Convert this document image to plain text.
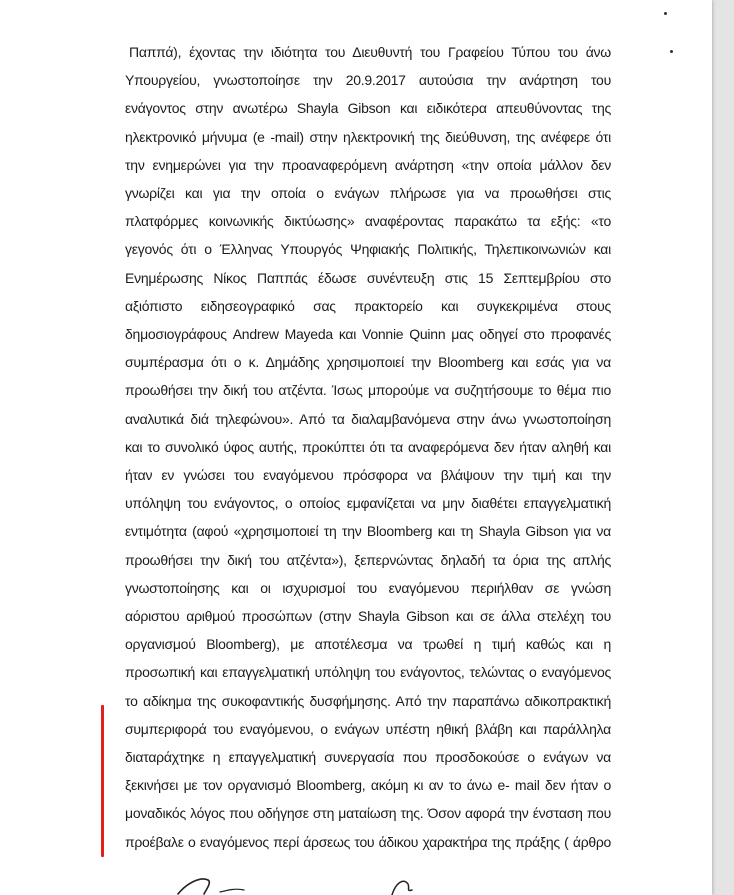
Παππά), έχοντας την ιδιότητα του Διευθυντή του Γραφείου Τύπου του άνω
Υπουργείου, γνωστοποίησε την 20.9.2017 αυτούσια την ανάρτηση του
ενάγοντος στην ανωτέρω Shayla Gibson και ειδικότερα απευθύνοντας της
ηλεκτρονικό μήνυμα (e -mail) στην ηλεκτρονική της διεύθυνση, της ανέφερε ότι
την ενημερώνει για την προαναφερόμενη ανάρτηση «την οποία μάλλον δεν
γνωρίζει και για την οποία ο ενάγων πλήρωσε για να προωθήσει στις
πλατφόρμες κοινωνικής δικτύωσης» αναφέροντας παρακάτω τα εξής: «το
γεγονός ότι ο Έλληνας Υπουργός Ψηφιακής Πολιτικής, Τηλεπικοινωνιών και
Ενημέρωσης Νίκος Παππάς έδωσε συνέντευξη στις 15 Σεπτεμβρίου στο
αξιόπιστο ειδησεογραφικό σας πρακτορείο και συγκεκριμένα στους
δημοσιογράφους Andrew Mayeda και Vonnie Quinn μας οδηγεί στο προφανές
συμπέρασμα ότι ο κ. Δημάδης χρησιμοποιεί την Bloomberg και εσάς για να
προωθήσει την δική του ατζέντα. Ίσως μπορούμε να συζητήσουμε το θέμα πιο
αναλυτικά διά τηλεφώνου». Από τα διαλαμβανόμενα στην άνω γνωστοποίηση
και το συνολικό ύφος αυτής, προκύπτει ότι τα αναφερόμενα δεν ήταν αληθή και
ήταν εν γνώσει του εναγόμενου πρόσφορα να βλάψουν την τιμή και την
υπόληψη του ενάγοντος, ο οποίος εμφανίζεται να μην διαθέτει επαγγελματική
εντιμότητα (αφού «χρησιμοποιεί τη την Bloomberg και τη Shayla Gibson για να
προωθήσει την δική του ατζέντα»), ξεπερνώντας δηλαδή τα όρια της απλής
γνωστοποίησης και οι ισχυρισμοί του εναγόμενου περιήλθαν σε γνώση
αόριστου αριθμού προσώπων (στην Shayla Gibson και σε άλλα στελέχη του
οργανισμού Bloomberg), με αποτέλεσμα να τρωθεί η τιμή καθώς και η
προσωπική και επαγγελματική υπόληψη του ενάγοντος, τελώντας ο εναγόμενος
το αδίκημα της συκοφαντικής δυσφήμησης. Από την παραπάνω αδικοπρακτική
συμπεριφορά του εναγόμενου, ο ενάγων υπέστη ηθική βλάβη και παράλληλα
διαταράχτηκε η επαγγελματική συνεργασία που προσδοκούσε ο ενάγων να
ξεκινήσει με τον οργανισμό Bloomberg, ακόμη κι αν το άνω e- mail δεν ήταν ο
μοναδικός λόγος που οδήγησε στη ματαίωση της. Όσον αφορά την ένσταση που
προέβαλε ο εναγόμενος περί άρσεως του άδικου χαρακτήρα της πράξης ( άρθρο
